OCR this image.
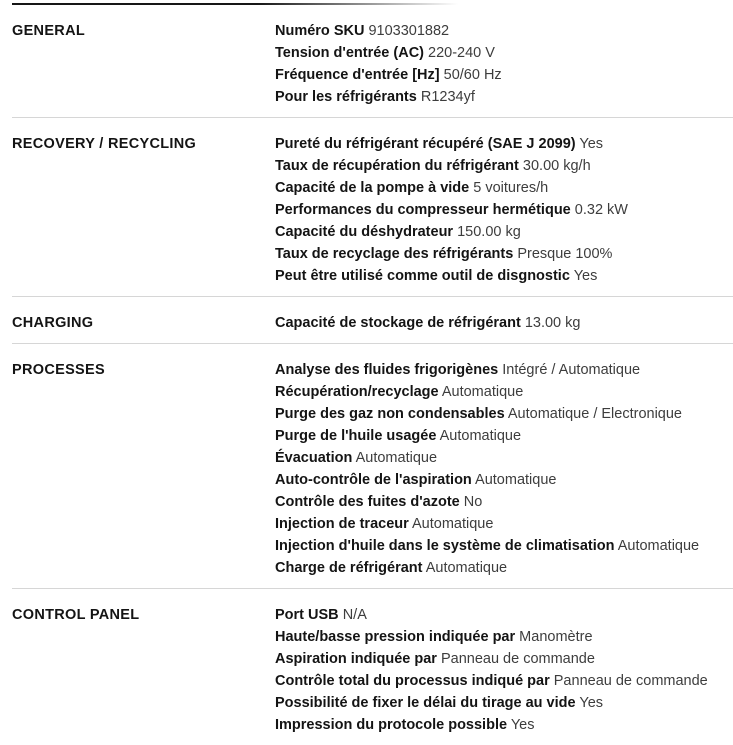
GENERAL	Numéro SKU 9103301882
Tension d'entrée (AC) 220-240 V
Fréquence d'entrée [Hz] 50/60 Hz
Pour les réfrigérants R1234yf
RECOVERY / RECYCLING	Pureté du réfrigérant récupéré (SAE J 2099) Yes
Taux de récupération du réfrigérant 30.00 kg/h
Capacité de la pompe à vide 5 voitures/h
Performances du compresseur hermétique 0.32 kW
Capacité du déshydrateur 150.00 kg
Taux de recyclage des réfrigérants Presque 100%
Peut être utilisé comme outil de disgnostic Yes
CHARGING	Capacité de stockage de réfrigérant 13.00 kg
PROCESSES	Analyse des fluides frigorigènes Intégré / Automatique
Récupération/recyclage Automatique
Purge des gaz non condensables Automatique / Electronique
Purge de l'huile usagée Automatique
Évacuation Automatique
Auto-contrôle de l'aspiration Automatique
Contrôle des fuites d'azote No
Injection de traceur Automatique
Injection d'huile dans le système de climatisation Automatique
Charge de réfrigérant Automatique
CONTROL PANEL	Port USB N/A
Haute/basse pression indiquée par Manomètre
Aspiration indiquée par Panneau de commande
Contrôle total du processus indiqué par Panneau de commande
Possibilité de fixer le délai du tirage au vide Yes
Impression du protocole possible Yes
